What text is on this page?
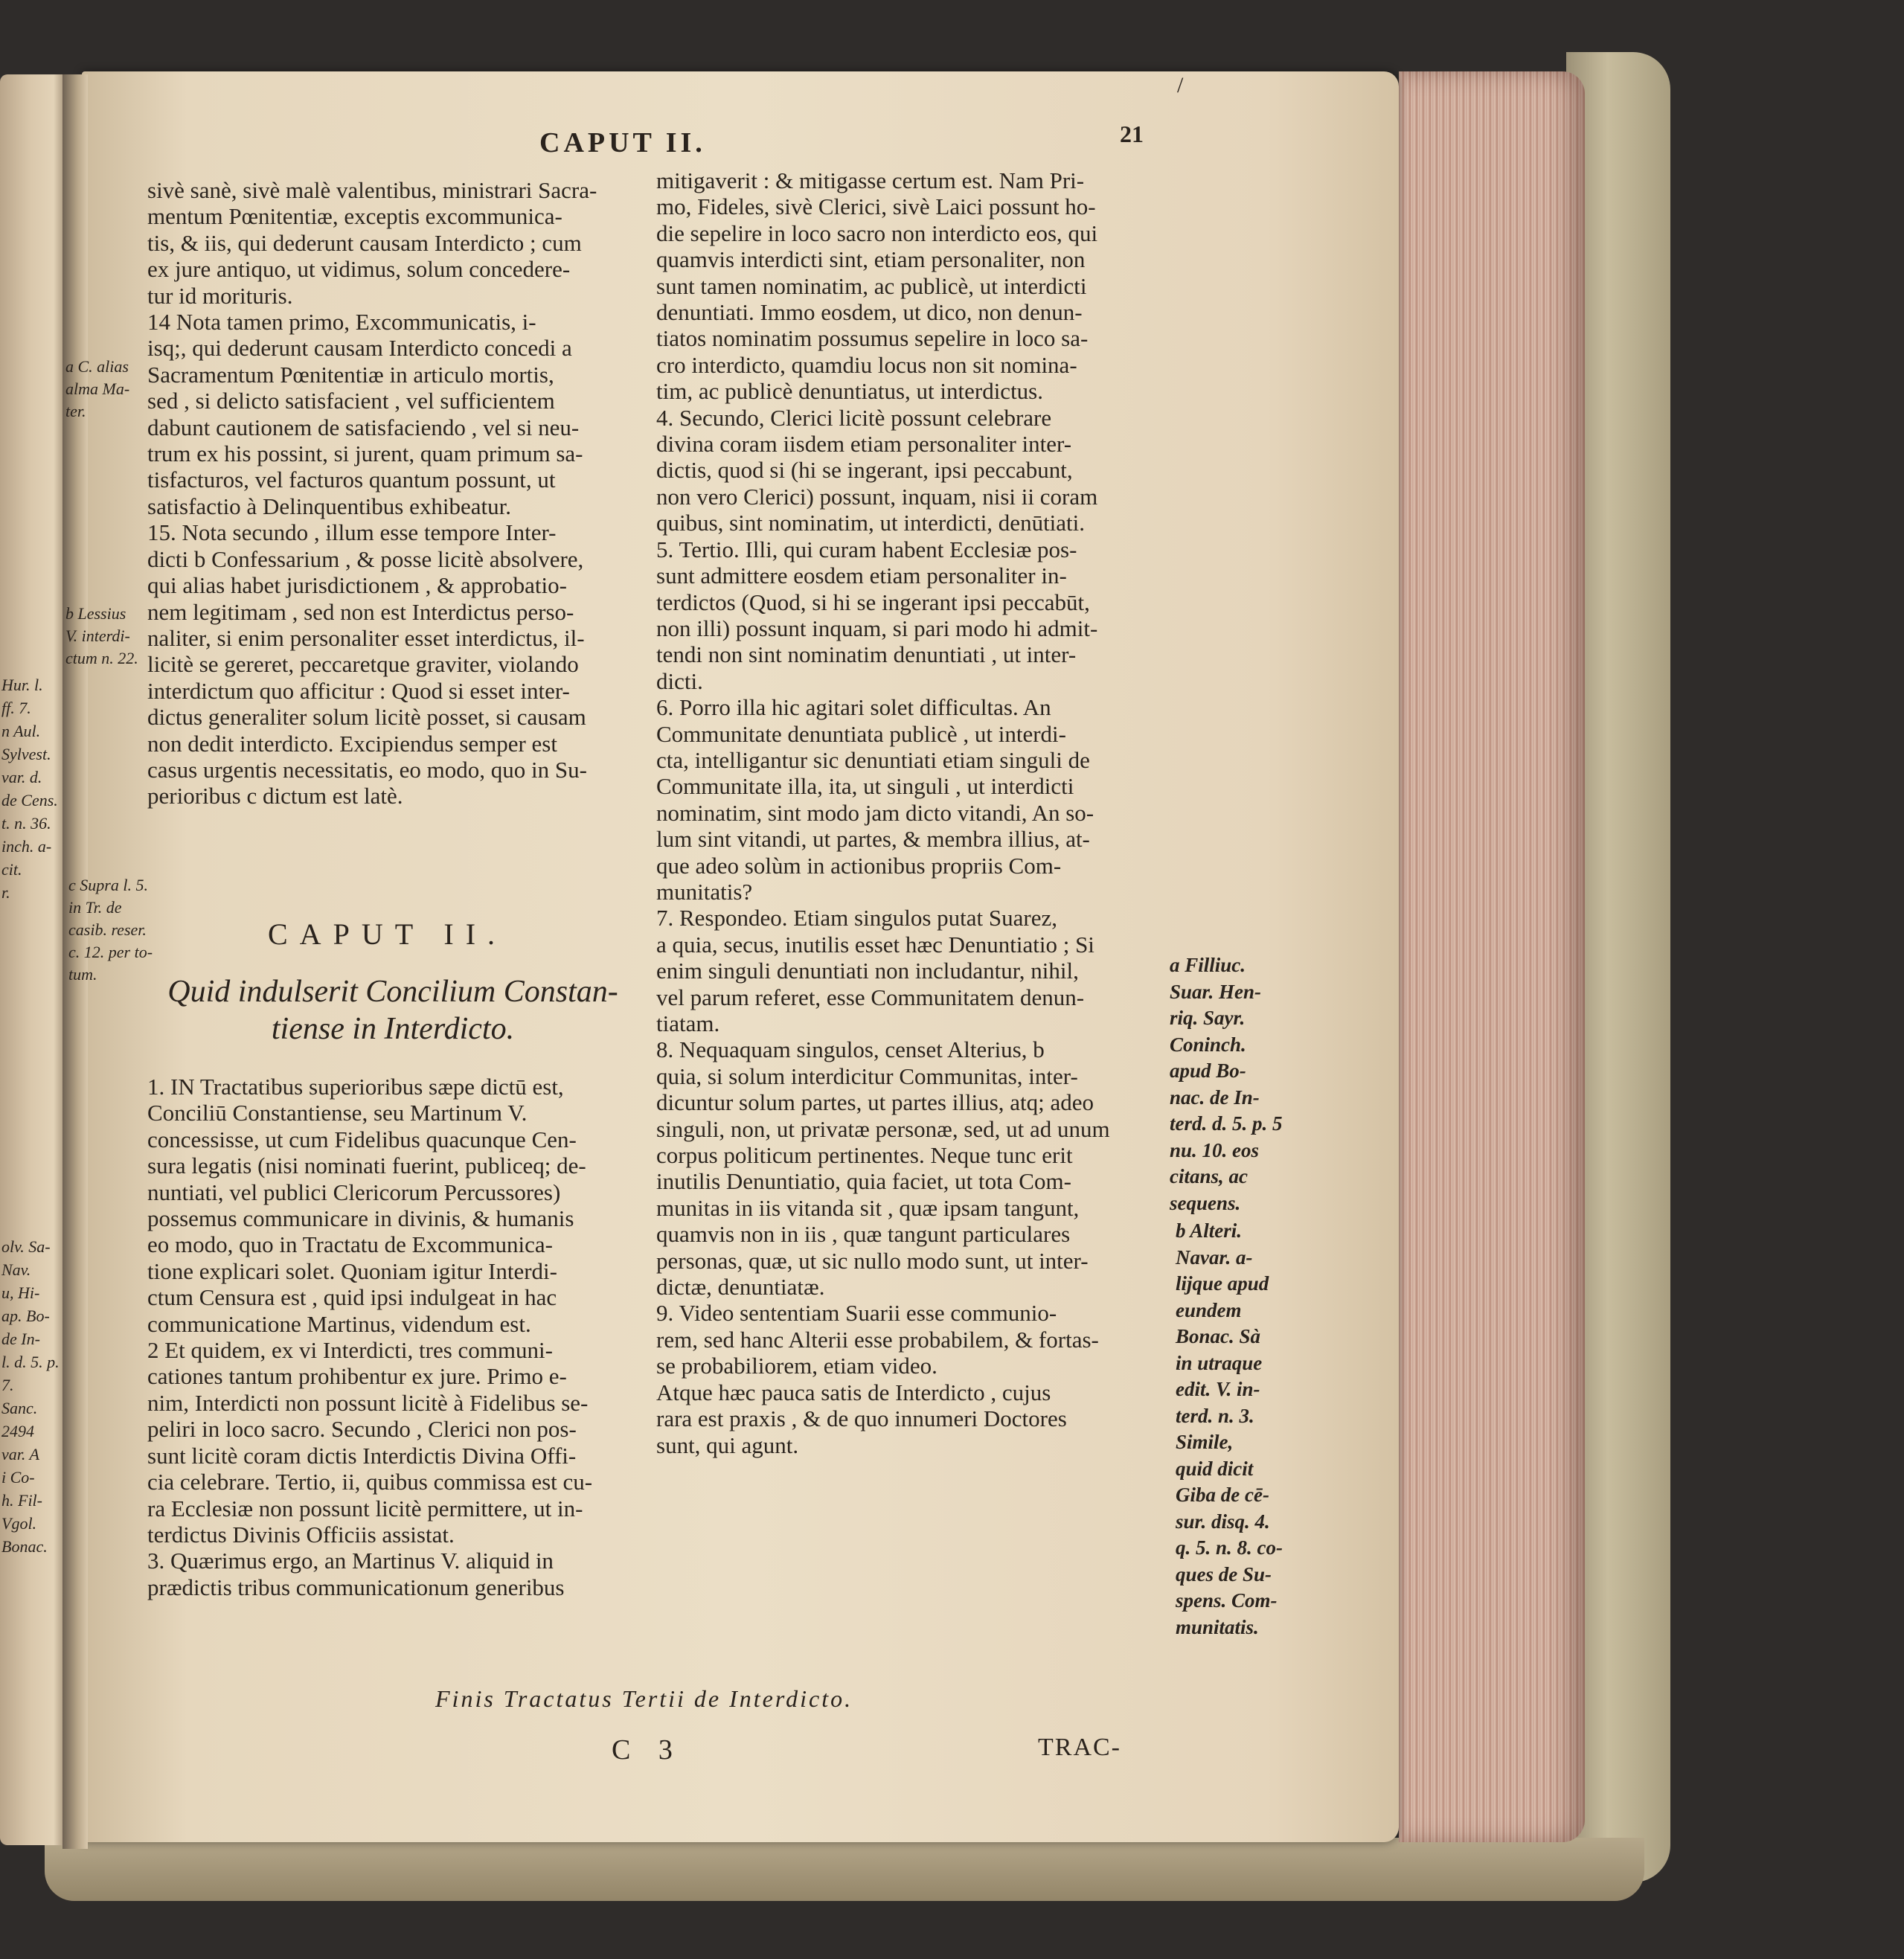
Hur. l.

ff. 7.

n Aul.

Sylvest.

var. d.

de Cens.

t. n. 36.

inch. a-

cit.

r.

olv. Sa-

Nav.

u, Hi-

ap. Bo-

de In-

l. d. 5. p.

7.

Sanc.

2494

var. A

i Co-

h. Fil-

Vgol.

Bonac.

CAPUT II.	21
/

a C. alias

alma Ma-

ter.

b Lessius

V. interdi-

ctum n. 22.

c Supra l. 5.

in Tr. de

casib. reser.

c. 12. per to-

tum.

sivè sanè, sivè malè valentibus, ministrari Sacra-

mentum Pœnitentiæ, exceptis excommunica-

tis, & iis, qui dederunt causam Interdicto ; cum

ex jure antiquo, ut vidimus, solum concedere-

tur id morituris.

14 Nota tamen primo, Excommunicatis, i-

isq;, qui dederunt causam Interdicto concedi a

Sacramentum Pœnitentiæ in articulo mortis,

sed , si delicto satisfacient , vel sufficientem

dabunt cautionem de satisfaciendo , vel si neu-

trum ex his possint, si jurent, quam primum sa-

tisfacturos, vel facturos quantum possunt, ut

satisfactio à Delinquentibus exhibeatur.

15. Nota secundo , illum esse tempore Inter-

dicti b Confessarium , & posse licitè absolvere,

qui alias habet jurisdictionem , & approbatio-

nem legitimam , sed non est Interdictus perso-

naliter, si enim personaliter esset interdictus, il-

licitè se gereret, peccaretque graviter, violando

interdictum quo afficitur : Quod si esset inter-

dictus generaliter solum licitè posset, si causam

non dedit interdicto. Excipiendus semper est

casus urgentis necessitatis, eo modo, quo in Su-

perioribus c dictum est latè.

CAPUT II.
Quid indulserit Concilium Constan-
tiense in Interdicto.

1. IN Tractatibus superioribus sæpe dictū est,

Conciliū Constantiense, seu Martinum V.

concessisse, ut cum Fidelibus quacunque Cen-

sura legatis (nisi nominati fuerint, publiceq; de-

nuntiati, vel publici Clericorum Percussores)

possemus communicare in divinis, & humanis

eo modo, quo in Tractatu de Excommunica-

tione explicari solet. Quoniam igitur Interdi-

ctum Censura est , quid ipsi indulgeat in hac

communicatione Martinus, videndum est.

2 Et quidem, ex vi Interdicti, tres communi-

cationes tantum prohibentur ex jure. Primo e-

nim, Interdicti non possunt licitè à Fidelibus se-

peliri in loco sacro. Secundo , Clerici non pos-

sunt licitè coram dictis Interdictis Divina Offi-

cia celebrare. Tertio, ii, quibus commissa est cu-

ra Ecclesiæ non possunt licitè permittere, ut in-

terdictus Divinis Officiis assistat.

3. Quærimus ergo, an Martinus V. aliquid in

prædictis tribus communicationum generibus

mitigaverit : & mitigasse certum est. Nam Pri-

mo, Fideles, sivè Clerici, sivè Laici possunt ho-

die sepelire in loco sacro non interdicto eos, qui

quamvis interdicti sint, etiam personaliter, non

sunt tamen nominatim, ac publicè, ut interdicti

denuntiati. Immo eosdem, ut dico, non denun-

tiatos nominatim possumus sepelire in loco sa-

cro interdicto, quamdiu locus non sit nomina-

tim, ac publicè denuntiatus, ut interdictus.

4. Secundo, Clerici licitè possunt celebrare

divina coram iisdem etiam personaliter inter-

dictis, quod si (hi se ingerant, ipsi peccabunt,

non vero Clerici) possunt, inquam, nisi ii coram

quibus, sint nominatim, ut interdicti, denūtiati.

5. Tertio. Illi, qui curam habent Ecclesiæ pos-

sunt admittere eosdem etiam personaliter in-

terdictos (Quod, si hi se ingerant ipsi peccabūt,

non illi) possunt inquam, si pari modo hi admit-

tendi non sint nominatim denuntiati , ut inter-

dicti.

6. Porro illa hic agitari solet difficultas. An

Communitate denuntiata publicè , ut interdi-

cta, intelligantur sic denuntiati etiam singuli de

Communitate illa, ita, ut singuli , ut interdicti

nominatim, sint modo jam dicto vitandi, An so-

lum sint vitandi, ut partes, & membra illius, at-

que adeo solùm in actionibus propriis Com-

munitatis?

7. Respondeo. Etiam singulos putat Suarez,

a quia, secus, inutilis esset hæc Denuntiatio ; Si

enim singuli denuntiati non includantur, nihil,

vel parum referet, esse Communitatem denun-

tiatam.

8. Nequaquam singulos, censet Alterius, b

quia, si solum interdicitur Communitas, inter-

dicuntur solum partes, ut partes illius, atq; adeo

singuli, non, ut privatæ personæ, sed, ut ad unum

corpus politicum pertinentes. Neque tunc erit

inutilis Denuntiatio, quia faciet, ut tota Com-

munitas in iis vitanda sit , quæ ipsam tangunt,

quamvis non in iis , quæ tangunt particulares

personas, quæ, ut sic nullo modo sunt, ut inter-

dictæ, denuntiatæ.

9. Video sententiam Suarii esse communio-

rem, sed hanc Alterii esse probabilem, & fortas-

se probabiliorem, etiam video.

Atque hæc pauca satis de Interdicto , cujus

rara est praxis , & de quo innumeri Doctores

sunt, qui agunt.

a Filliuc.

Suar. Hen-

riq. Sayr.

Coninch.

apud Bo-

nac. de In-

terd. d. 5. p. 5

nu. 10. eos

citans, ac

sequens.

b Alteri.

Navar. a-

lijque apud

eundem

Bonac. Sà

in utraque

edit. V. in-

terd. n. 3.

Simile,

quid dicit

Giba de cē-

sur. disq. 4.

q. 5. n. 8. co-

ques de Su-

spens. Com-

munitatis.

Finis Tractatus Tertii de Interdicto.
C 3	TRAC-
